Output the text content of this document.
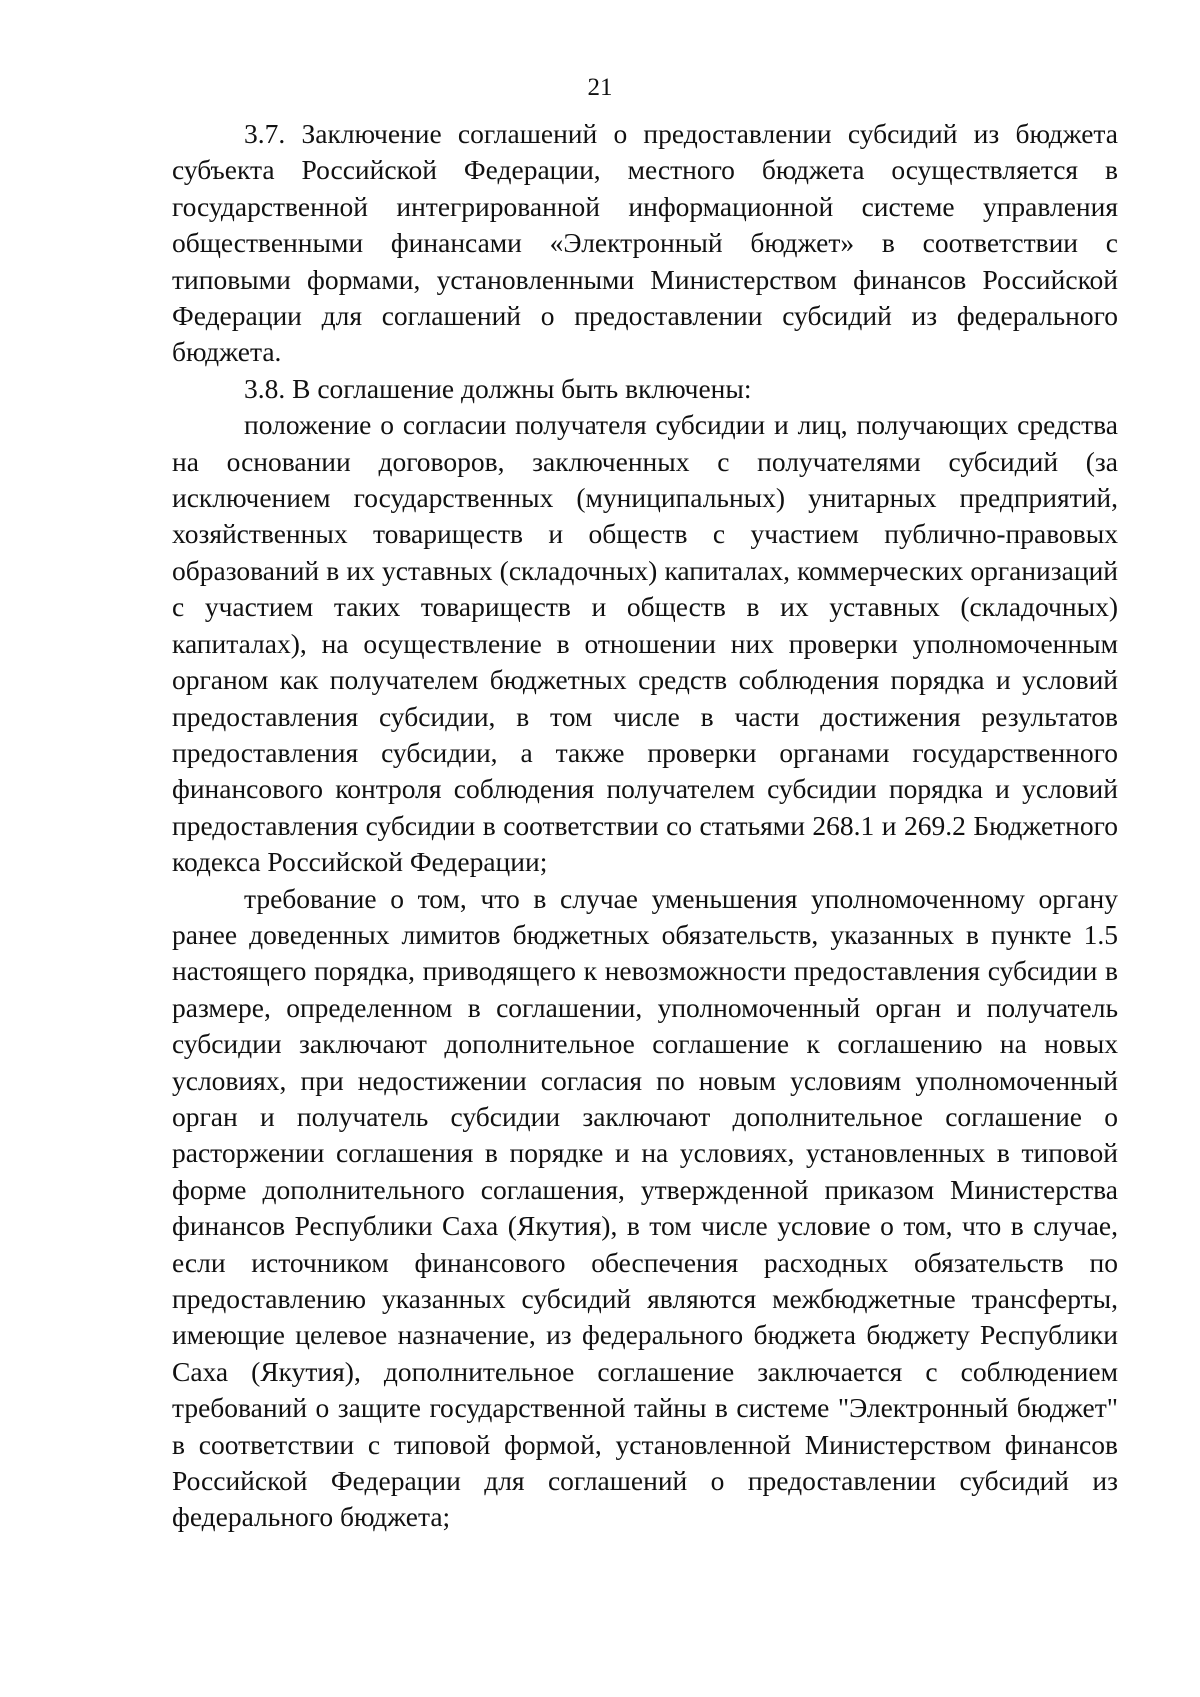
21

3.7. Заключение соглашений о предоставлении субсидий из бюджета субъекта Российской Федерации, местного бюджета осуществляется в государственной интегрированной информационной системе управления общественными финансами «Электронный бюджет» в соответствии с типовыми формами, установленными Министерством финансов Российской Федерации для соглашений о предоставлении субсидий из федерального бюджета.

3.8. В соглашение должны быть включены:

положение о согласии получателя субсидии и лиц, получающих средства на основании договоров, заключенных с получателями субсидий (за исключением государственных (муниципальных) унитарных предприятий, хозяйственных товариществ и обществ с участием публично-правовых образований в их уставных (складочных) капиталах, коммерческих организаций с участием таких товариществ и обществ в их уставных (складочных) капиталах), на осуществление в отношении них проверки уполномоченным органом как получателем бюджетных средств соблюдения порядка и условий предоставления субсидии, в том числе в части достижения результатов предоставления субсидии, а также проверки органами государственного финансового контроля соблюдения получателем субсидии порядка и условий предоставления субсидии в соответствии со статьями 268.1 и 269.2 Бюджетного кодекса Российской Федерации;

требование о том, что в случае уменьшения уполномоченному органу ранее доведенных лимитов бюджетных обязательств, указанных в пункте 1.5 настоящего порядка, приводящего к невозможности предоставления субсидии в размере, определенном в соглашении, уполномоченный орган и получатель субсидии заключают дополнительное соглашение к соглашению на новых условиях, при недостижении согласия по новым условиям уполномоченный орган и получатель субсидии заключают дополнительное соглашение о расторжении соглашения в порядке и на условиях, установленных в типовой форме дополнительного соглашения, утвержденной приказом Министерства финансов Республики Саха (Якутия), в том числе условие о том, что в случае, если источником финансового обеспечения расходных обязательств по предоставлению указанных субсидий являются межбюджетные трансферты, имеющие целевое назначение, из федерального бюджета бюджету Республики Саха (Якутия), дополнительное соглашение заключается с соблюдением требований о защите государственной тайны в системе "Электронный бюджет" в соответствии с типовой формой, установленной Министерством финансов Российской Федерации для соглашений о предоставлении субсидий из федерального бюджета;
